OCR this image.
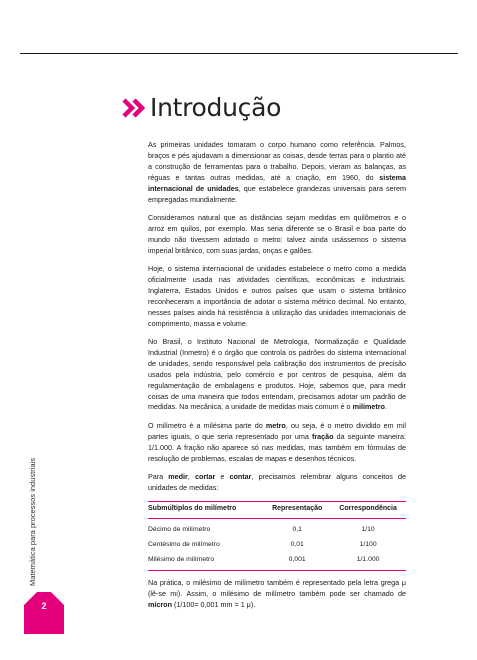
Introdução

As primeiras unidades tomaram o corpo humano como referência. Palmos, braços e pés ajudavam a dimensionar as coisas, desde terras para o plantio até a construção de ferramentas para o trabalho. Depois, vieram as balanças, as réguas e tantas outras medidas, até a criação, em 1960, do sistema internacional de unidades, que estabelece grandezas universais para serem empregadas mundialmente.

Consideramos natural que as distâncias sejam medidas em quilômetros e o arroz em quilos, por exemplo. Mas seria diferente se o Brasil e boa parte do mundo não tivessem adotado o metro: talvez ainda usássemos o sistema imperial britânico, com suas jardas, onças e galões.

Hoje, o sistema internacional de unidades estabelece o metro como a medida oficialmente usada nas atividades científicas, econômicas e industriais. Inglaterra, Estados Unidos e outros países que usam o sistema britânico reconheceram a importância de adotar o sistema métrico decimal. No entanto, nesses países ainda há resistência à utilização das unidades internacionais de comprimento, massa e volume.

No Brasil, o Instituto Nacional de Metrologia, Normalização e Qualidade Industrial (Inmetro) é o órgão que controla os padrões do sistema internacional de unidades, sendo responsável pela calibração dos instrumentos de precisão usados pela indústria, pelo comércio e por centros de pesquisa, além da regulamentação de embalagens e produtos. Hoje, sabemos que, para medir coisas de uma maneira que todos entendam, precisamos adotar um padrão de medidas. Na mecânica, a unidade de medidas mais comum é o milímetro.

O milímetro é a milésima parte do metro, ou seja, é o metro dividido em mil partes iguais, o que seria representado por uma fração da seguinte maneira: 1/1.000. A fração não aparece só nas medidas, mas também em fórmulas de resolução de problemas, escalas de mapas e desenhos técnicos.

Para medir, cortar e contar, precisamos relembrar alguns conceitos de unidades de medidas:

Submúltiplos do milímetro	Representação	Correspondência
Décimo de milímetro	0,1	1/10
Centésimo de milímetro	0,01	1/100
Milésimo de milímetro	0,001	1/1.000

Na prática, o milésimo de milímetro também é representado pela letra grega μ (lê-se mi). Assim, o milésimo de milímetro também pode ser chamado de mícron (1/100= 0,001 mm = 1 μ).

Matemática para processos industriais
2
